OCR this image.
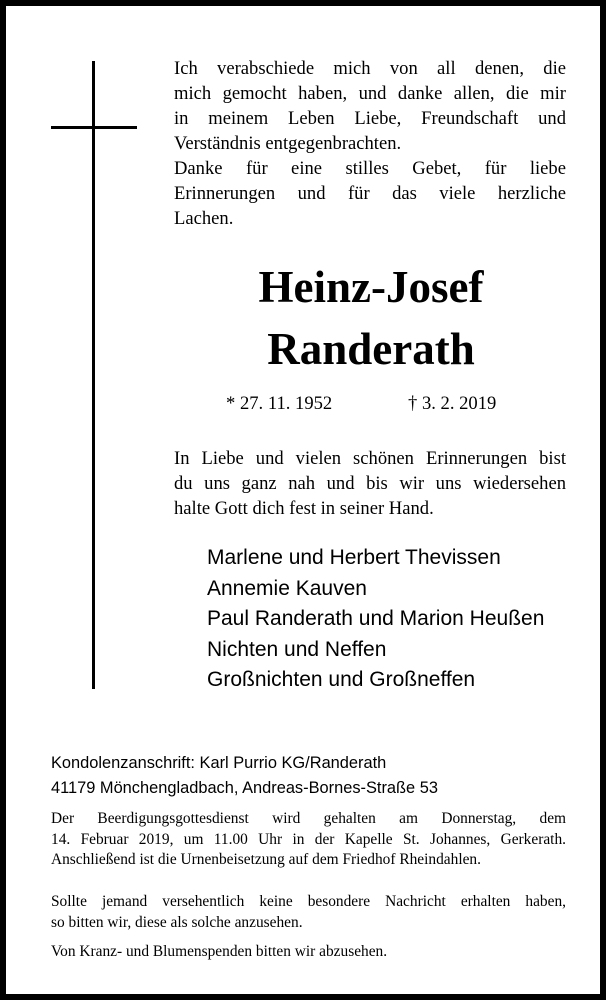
Ich verabschiede mich von all denen, die
mich gemocht haben, und danke allen, die mir
in meinem Leben Liebe, Freundschaft und
Verständnis entgegenbrachten.
Danke für eine stilles Gebet, für liebe
Erinnerungen und für das viele herzliche
Lachen.

Heinz-Josef
Randerath
* 27. 11. 1952	† 3. 2. 2019

In Liebe und vielen schönen Erinnerungen bist
du uns ganz nah und bis wir uns wiedersehen
halte Gott dich fest in seiner Hand.

Marlene und Herbert Thevissen
Annemie Kauven
Paul Randerath und Marion Heußen
Nichten und Neffen
Großnichten und Großneffen

Kondolenzanschrift: Karl Purrio KG/Randerath
41179 Mönchengladbach, Andreas-Bornes-Straße 53

Der Beerdigungsgottesdienst wird gehalten am Donnerstag, dem
14. Februar 2019, um 11.00 Uhr in der Kapelle St. Johannes, Gerkerath.
Anschließend ist die Urnenbeisetzung auf dem Friedhof Rheindahlen.

Sollte jemand versehentlich keine besondere Nachricht erhalten haben,
so bitten wir, diese als solche anzusehen.

Von Kranz- und Blumenspenden bitten wir abzusehen.
